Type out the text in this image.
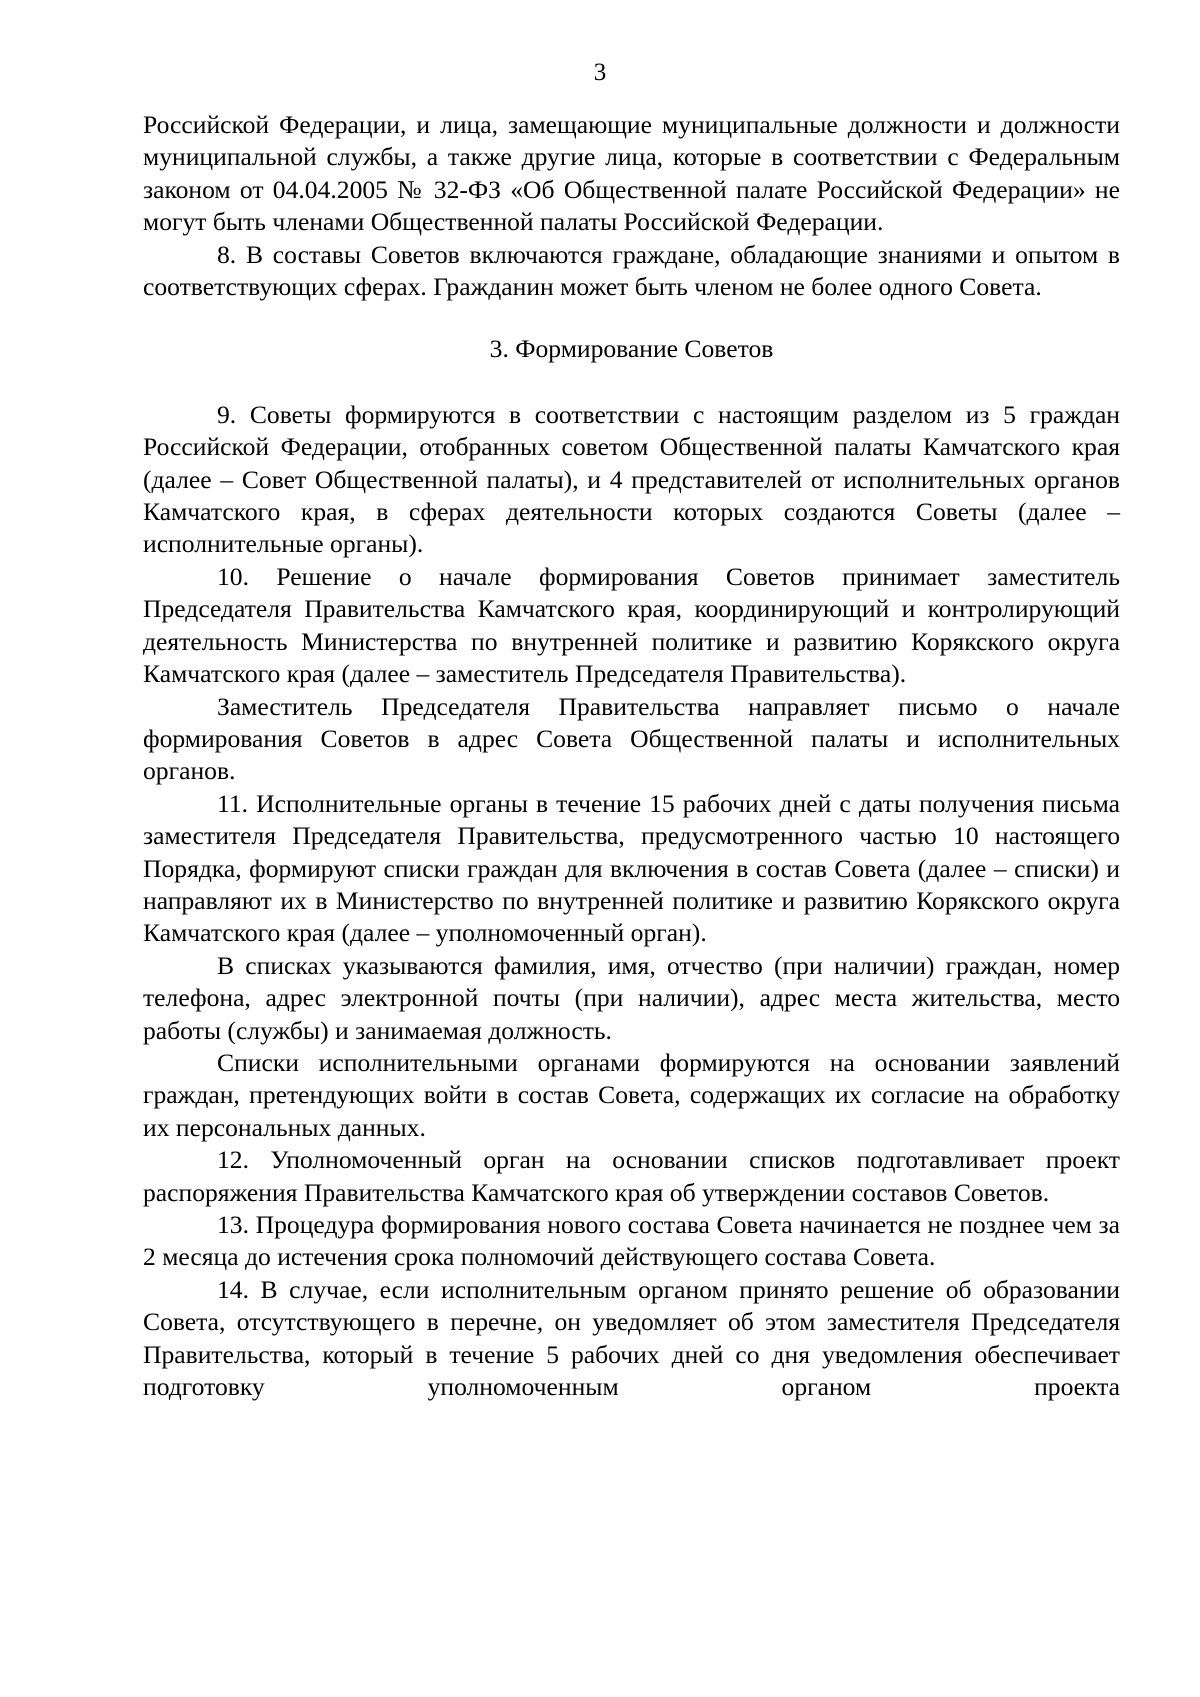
3

Российской Федерации, и лица, замещающие муниципальные должности и должности муниципальной службы, а также другие лица, которые в соответствии с Федеральным законом от 04.04.2005 № 32-ФЗ «Об Общественной палате Российской Федерации» не могут быть членами Общественной палаты Российской Федерации.

8. В составы Советов включаются граждане, обладающие знаниями и опытом в соответствующих сферах. Гражданин может быть членом не более одного Совета.

3. Формирование Советов

9. Советы формируются в соответствии с настоящим разделом из 5 граждан Российской Федерации, отобранных советом Общественной палаты Камчатского края (далее – Совет Общественной палаты), и 4 представителей от исполнительных органов Камчатского края, в сферах деятельности которых создаются Советы (далее – исполнительные органы).

10. Решение о начале формирования Советов принимает заместитель Председателя Правительства Камчатского края, координирующий и контролирующий деятельность Министерства по внутренней политике и развитию Корякского округа Камчатского края (далее – заместитель Председателя Правительства).

Заместитель Председателя Правительства направляет письмо о начале формирования Советов в адрес Совета Общественной палаты и исполнительных органов.

11. Исполнительные органы в течение 15 рабочих дней с даты получения письма заместителя Председателя Правительства, предусмотренного частью 10 настоящего Порядка, формируют списки граждан для включения в состав Совета (далее – списки) и направляют их в Министерство по внутренней политике и развитию Корякского округа Камчатского края (далее – уполномоченный орган).

В списках указываются фамилия, имя, отчество (при наличии) граждан, номер телефона, адрес электронной почты (при наличии), адрес места жительства, место работы (службы) и занимаемая должность.

Списки исполнительными органами формируются на основании заявлений граждан, претендующих войти в состав Совета, содержащих их согласие на обработку их персональных данных.

12. Уполномоченный орган на основании списков подготавливает проект распоряжения Правительства Камчатского края об утверждении составов Советов.

13. Процедура формирования нового состава Совета начинается не позднее чем за 2 месяца до истечения срока полномочий действующего состава Совета.

14. В случае, если исполнительным органом принято решение об образовании Совета, отсутствующего в перечне, он уведомляет об этом заместителя Председателя Правительства, который в течение 5 рабочих дней со дня уведомления обеспечивает подготовку уполномоченным органом проекта
